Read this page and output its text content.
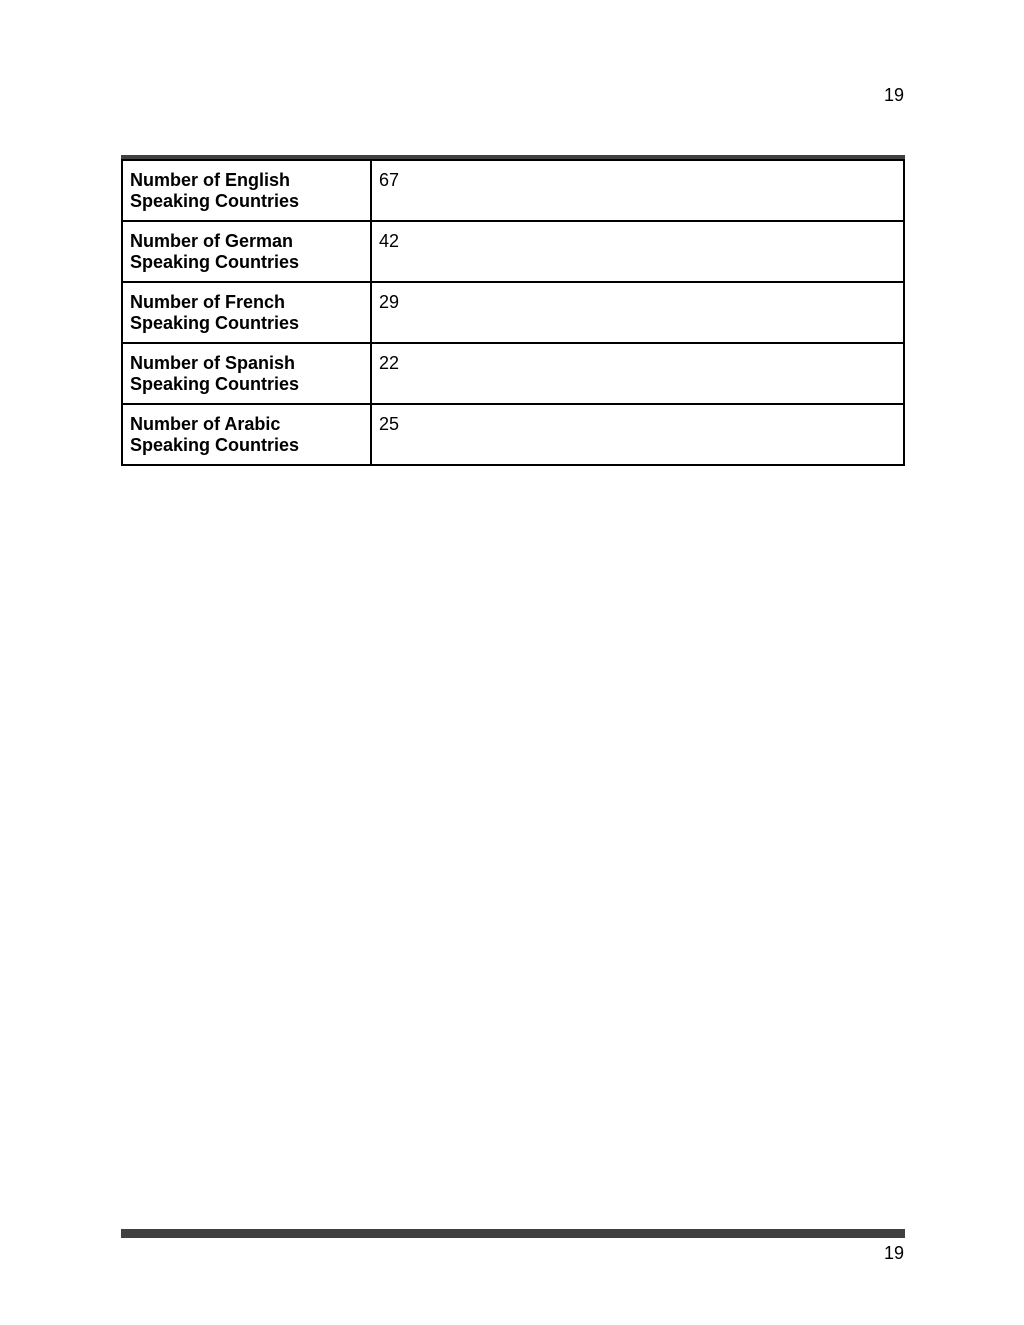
19
Number of English Speaking Countries	67
Number of German Speaking Countries	42
Number of French Speaking Countries	29
Number of Spanish Speaking Countries	22
Number of Arabic Speaking Countries	25
19
